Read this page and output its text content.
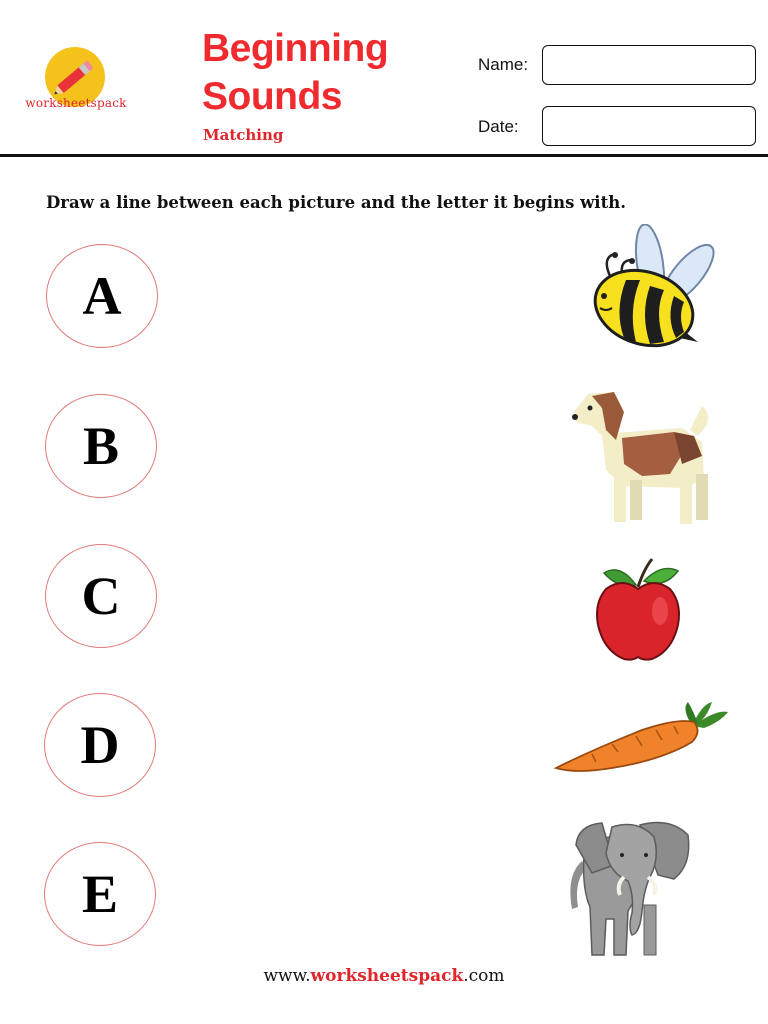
worksheetspack
Beginning
Sounds
Matching
Name:
Date:
Draw a line between each picture and the letter it begins with.
A
B
C
D
E
www.worksheetspack.com
